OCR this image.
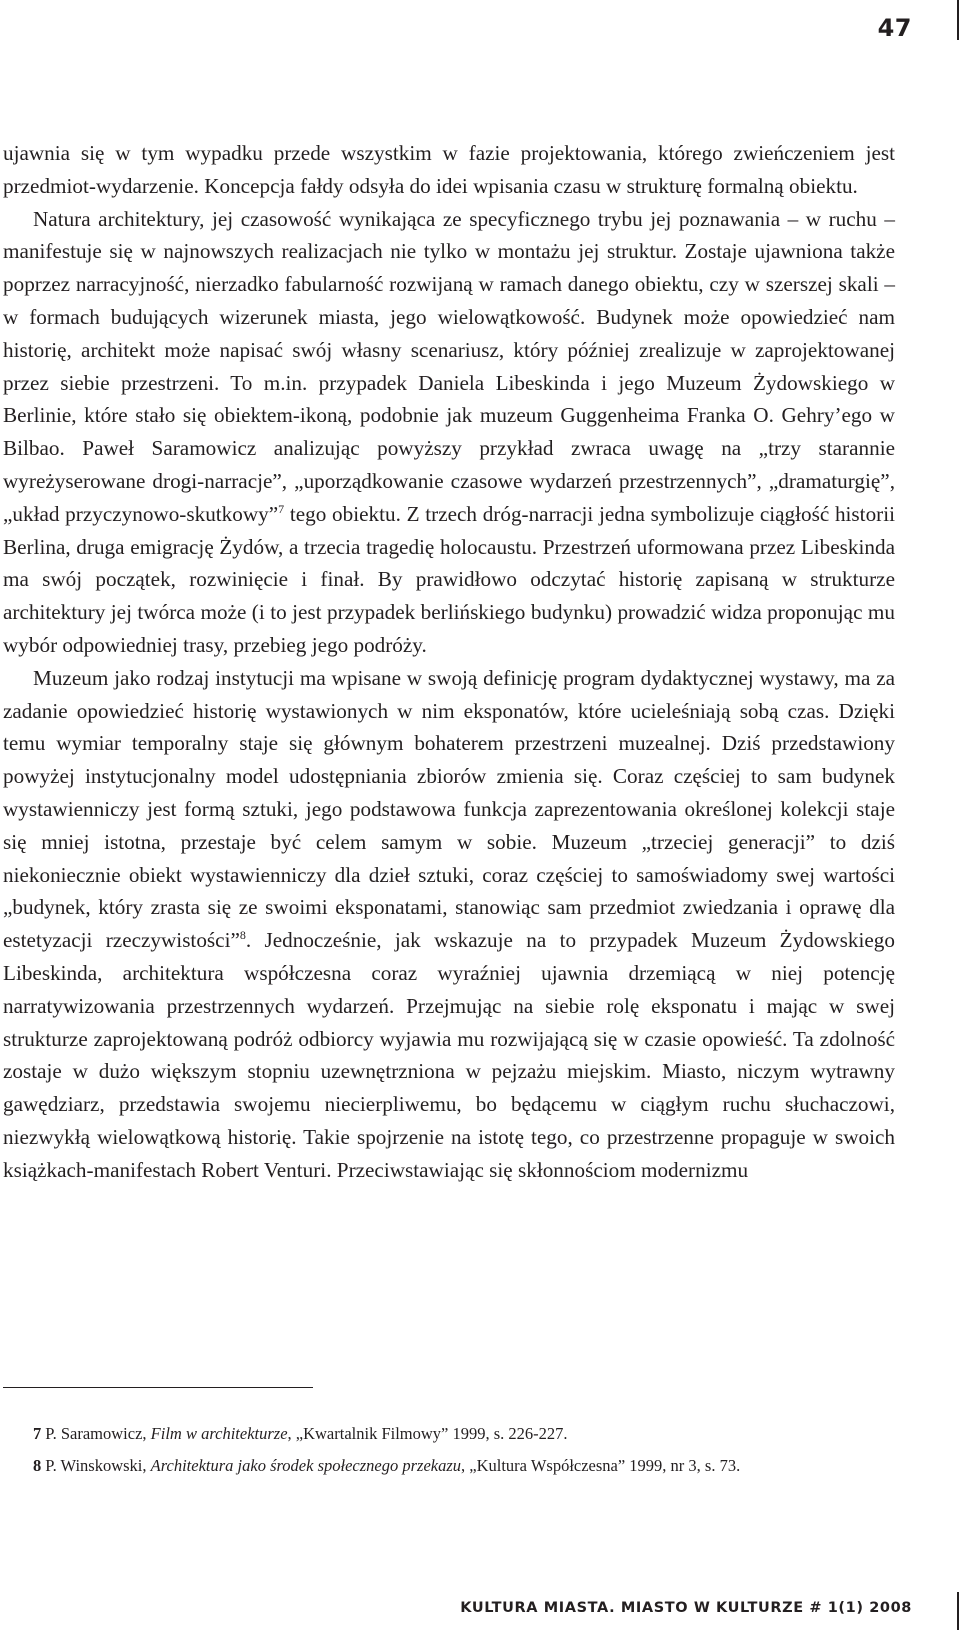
47

ujawnia się w tym wypadku przede wszystkim w fazie projektowania, którego zwieńczeniem jest przedmiot-wydarzenie. Koncepcja fałdy odsyła do idei wpisania czasu w strukturę formalną obiektu.

Natura architektury, jej czasowość wynikająca ze specyficznego trybu jej poznawania – w ruchu – manifestuje się w najnowszych realizacjach nie tylko w montażu jej struktur. Zostaje ujawniona także poprzez narracyjność, nierzadko fabularność rozwijaną w ramach danego obiektu, czy w szerszej skali – w formach budujących wizerunek miasta, jego wielowątkowość. Budynek może opowiedzieć nam historię, architekt może napisać swój własny scenariusz, który później zrealizuje w zaprojektowanej przez siebie przestrzeni. To m.in. przypadek Daniela Libeskinda i jego Muzeum Żydowskiego w Berlinie, które stało się obiektem-ikoną, podobnie jak muzeum Guggenheima Franka O. Gehry’ego w Bilbao. Paweł Saramowicz analizując powyższy przykład zwraca uwagę na „trzy starannie wyreżyserowane drogi-narracje”, „uporządkowanie czasowe wydarzeń przestrzennych”, „dramaturgię”, „układ przyczynowo-skutkowy”$^7$ tego obiektu. Z trzech dróg-narracji jedna symbolizuje ciągłość historii Berlina, druga emigrację Żydów, a trzecia tragedię holocaustu. Przestrzeń uformowana przez Libeskinda ma swój początek, rozwinięcie i finał. By prawidłowo odczytać historię zapisaną w strukturze architektury jej twórca może (i to jest przypadek berlińskiego budynku) prowadzić widza proponując mu wybór odpowiedniej trasy, przebieg jego podróży.

Muzeum jako rodzaj instytucji ma wpisane w swoją definicję program dydaktycznej wystawy, ma za zadanie opowiedzieć historię wystawionych w nim eksponatów, które ucieleśniają sobą czas. Dzięki temu wymiar temporalny staje się głównym bohaterem przestrzeni muzealnej. Dziś przedstawiony powyżej instytucjonalny model udostępniania zbiorów zmienia się. Coraz częściej to sam budynek wystawienniczy jest formą sztuki, jego podstawowa funkcja zaprezentowania określonej kolekcji staje się mniej istotna, przestaje być celem samym w sobie. Muzeum „trzeciej generacji” to dziś niekoniecznie obiekt wystawienniczy dla dzieł sztuki, coraz częściej to samoświadomy swej wartości „budynek, który zrasta się ze swoimi eksponatami, stanowiąc sam przedmiot zwiedzania i oprawę dla estetyzacji rzeczywistości”$^8$. Jednocześnie, jak wskazuje na to przypadek Muzeum Żydowskiego Libeskinda, architektura współczesna coraz wyraźniej ujawnia drzemiącą w niej potencję narratywizowania przestrzennych wydarzeń. Przejmując na siebie rolę eksponatu i mając w swej strukturze zaprojektowaną podróż odbiorcy wyjawia mu rozwijającą się w czasie opowieść. Ta zdolność zostaje w dużo większym stopniu uzewnętrzniona w pejzażu miejskim. Miasto, niczym wytrawny gawędziarz, przedstawia swojemu niecierpliwemu, bo będącemu w ciągłym ruchu słuchaczowi, niezwykłą wielowątkową historię. Takie spojrzenie na istotę tego, co przestrzenne propaguje w swoich książkach-manifestach Robert Venturi. Przeciwstawiając się skłonnościom modernizmu

7 P. Saramowicz, Film w architekturze, „Kwartalnik Filmowy” 1999, s. 226-227.

8 P. Winskowski, Architektura jako środek społecznego przekazu, „Kultura Współczesna” 1999, nr 3, s. 73.

KULTURA MIASTA. MIASTO W KULTURZE # 1(1) 2008
